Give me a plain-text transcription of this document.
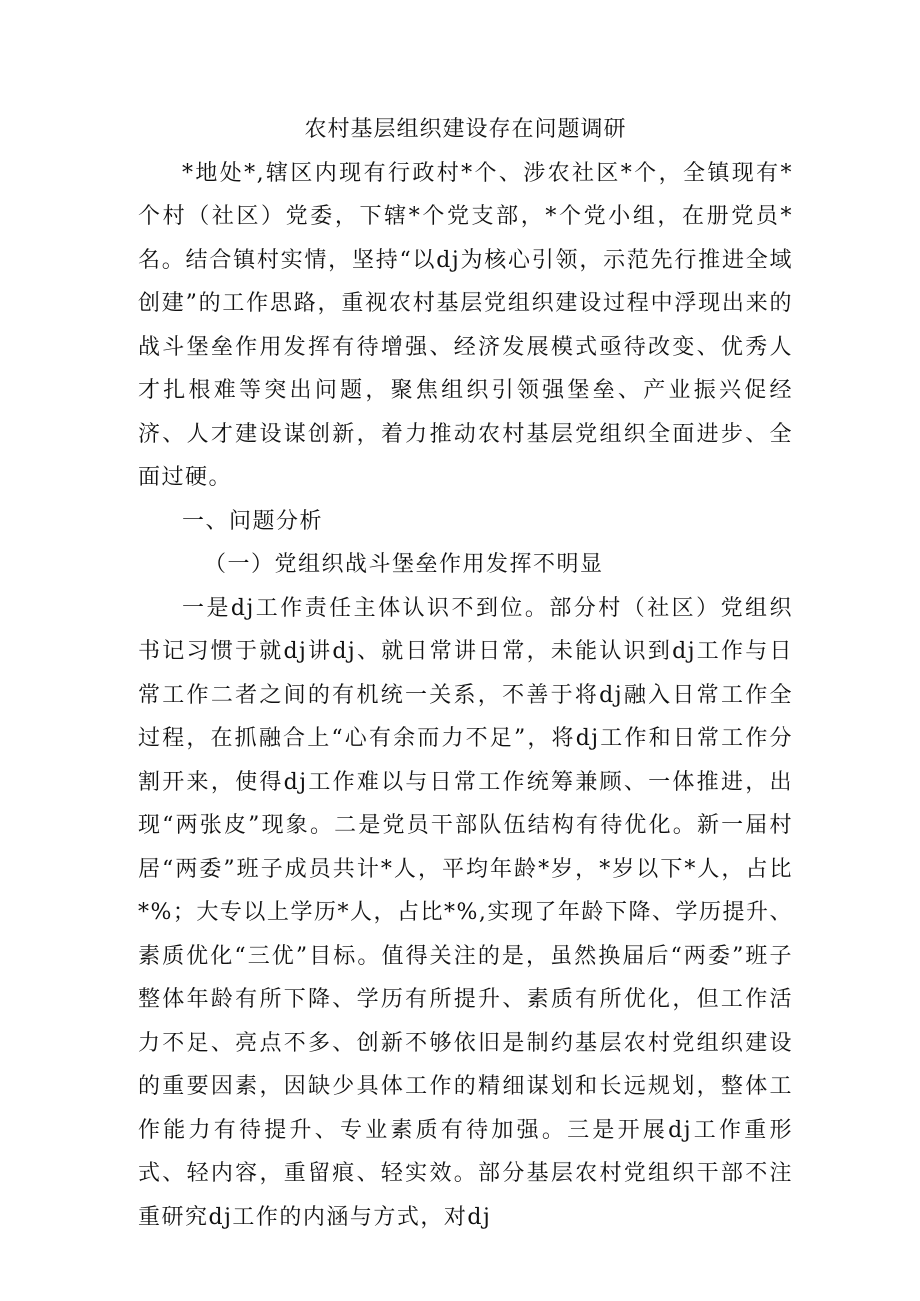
农村基层组织建设存在问题调研

*地处*,辖区内现有行政村*个、涉农社区*个，全镇现有*个村（社区）党委，下辖*个党支部，*个党小组，在册党员*名。结合镇村实情，坚持“以dj为核心引领，示范先行推进全域创建”的工作思路，重视农村基层党组织建设过程中浮现出来的战斗堡垒作用发挥有待增强、经济发展模式亟待改变、优秀人才扎根难等突出问题，聚焦组织引领强堡垒、产业振兴促经济、人才建设谋创新，着力推动农村基层党组织全面进步、全面过硬。

一、问题分析

（一）党组织战斗堡垒作用发挥不明显

一是dj工作责任主体认识不到位。部分村（社区）党组织书记习惯于就dj讲dj、就日常讲日常，未能认识到dj工作与日常工作二者之间的有机统一关系，不善于将dj融入日常工作全过程，在抓融合上“心有余而力不足”，将dj工作和日常工作分割开来，使得dj工作难以与日常工作统筹兼顾、一体推进，出现“两张皮”现象。二是党员干部队伍结构有待优化。新一届村居“两委”班子成员共计*人，平均年龄*岁，*岁以下*人，占比*%；大专以上学历*人，占比*%,实现了年龄下降、学历提升、素质优化“三优”目标。值得关注的是，虽然换届后“两委”班子整体年龄有所下降、学历有所提升、素质有所优化，但工作活力不足、亮点不多、创新不够依旧是制约基层农村党组织建设的重要因素，因缺少具体工作的精细谋划和长远规划，整体工作能力有待提升、专业素质有待加强。三是开展dj工作重形式、轻内容，重留痕、轻实效。部分基层农村党组织干部不注重研究dj工作的内涵与方式，对dj
